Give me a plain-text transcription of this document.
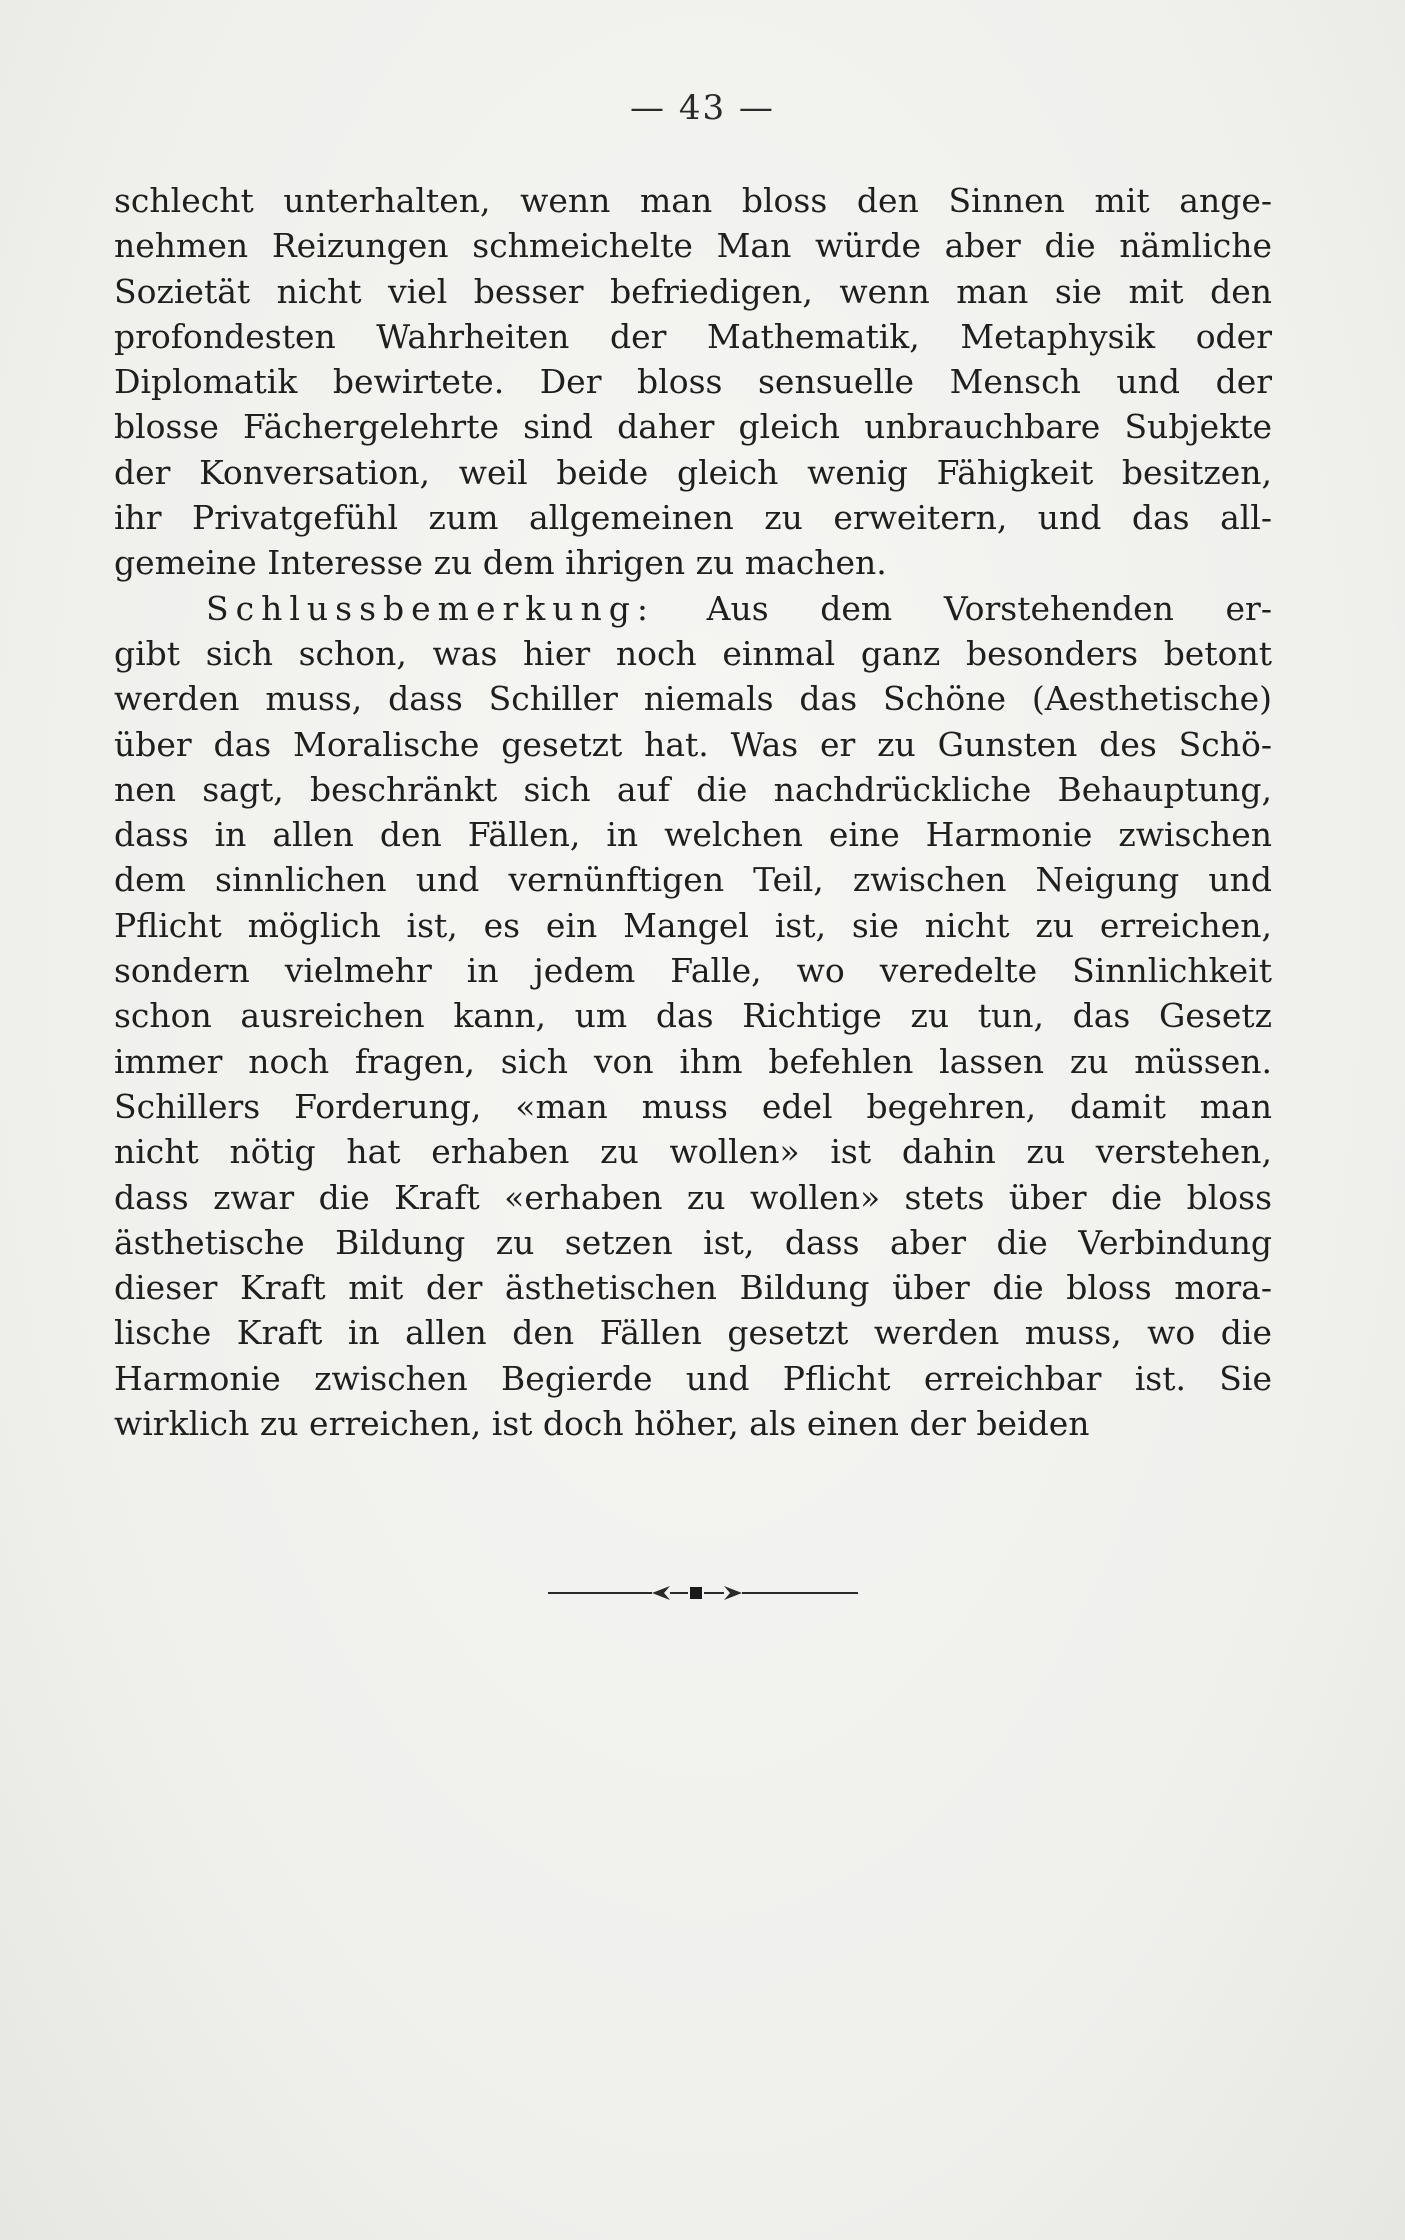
— 43 —
schlecht unterhalten, wenn man bloss den Sinnen mit ange-
nehmen Reizungen schmeichelte Man würde aber die nämliche
Sozietät nicht viel besser befriedigen, wenn man sie mit den
profondesten Wahrheiten der Mathematik, Metaphysik oder
Diplomatik bewirtete. Der bloss sensuelle Mensch und der
blosse Fächergelehrte sind daher gleich unbrauchbare Subjekte
der Konversation, weil beide gleich wenig Fähigkeit besitzen,
ihr Privatgefühl zum allgemeinen zu erweitern, und das all-
gemeine Interesse zu dem ihrigen zu machen.
Schlussbemerkung: Aus dem Vorstehenden er-
gibt sich schon, was hier noch einmal ganz besonders betont
werden muss, dass Schiller niemals das Schöne (Aesthetische)
über das Moralische gesetzt hat. Was er zu Gunsten des Schö-
nen sagt, beschränkt sich auf die nachdrückliche Behauptung,
dass in allen den Fällen, in welchen eine Harmonie zwischen
dem sinnlichen und vernünftigen Teil, zwischen Neigung und
Pflicht möglich ist, es ein Mangel ist, sie nicht zu erreichen,
sondern vielmehr in jedem Falle, wo veredelte Sinnlichkeit
schon ausreichen kann, um das Richtige zu tun, das Gesetz
immer noch fragen, sich von ihm befehlen lassen zu müssen.
Schillers Forderung, «man muss edel begehren, damit man
nicht nötig hat erhaben zu wollen» ist dahin zu verstehen,
dass zwar die Kraft «erhaben zu wollen» stets über die bloss
ästhetische Bildung zu setzen ist, dass aber die Verbindung
dieser Kraft mit der ästhetischen Bildung über die bloss mora-
lische Kraft in allen den Fällen gesetzt werden muss, wo die
Harmonie zwischen Begierde und Pflicht erreichbar ist. Sie
wirklich zu erreichen, ist doch höher, als einen der beiden
